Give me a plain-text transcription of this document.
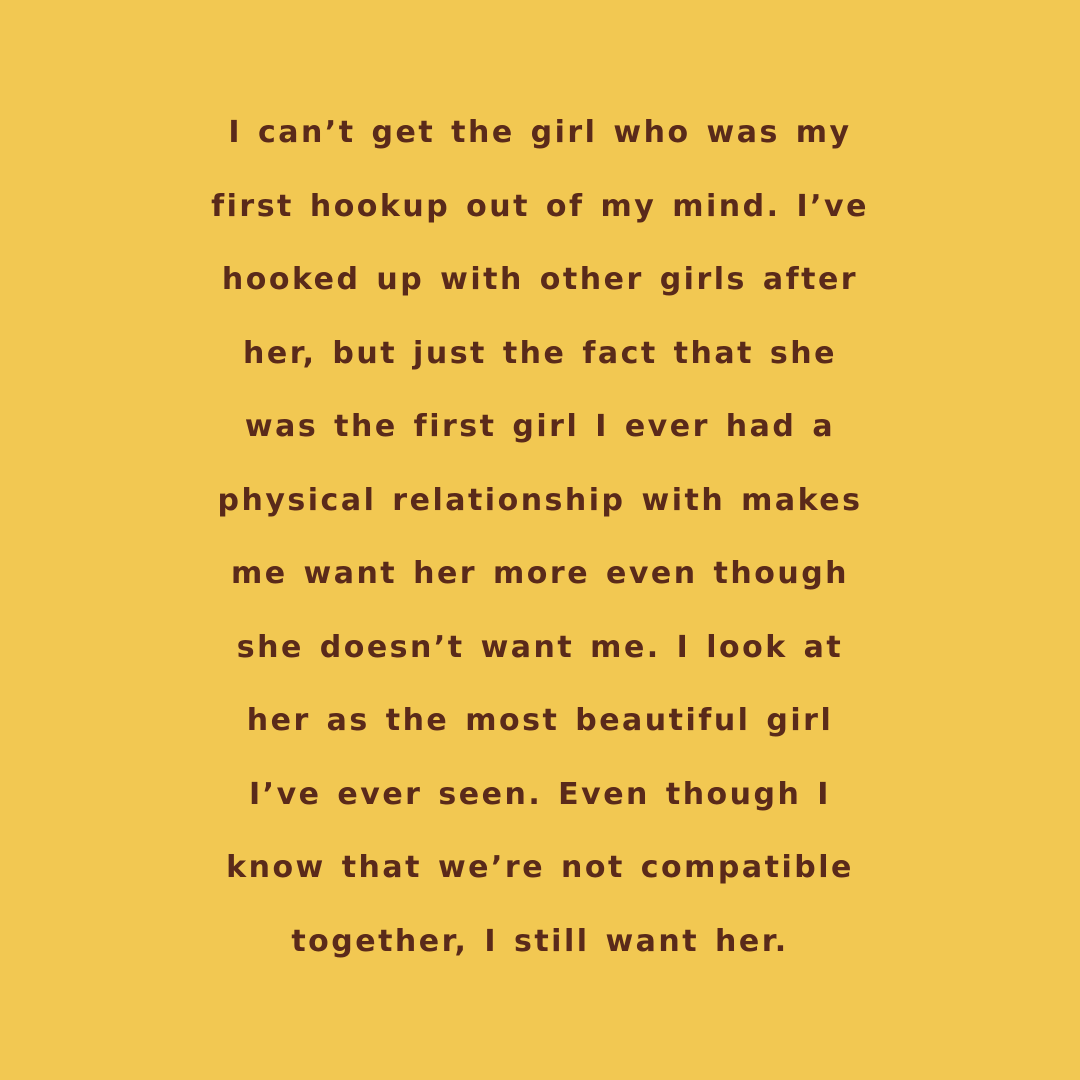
I can’t get the girl who was my
first hookup out of my mind. I’ve
hooked up with other girls after
her, but just the fact that she
was the first girl I ever had a
physical relationship with makes
me want her more even though
she doesn’t want me. I look at
her as the most beautiful girl
I’ve ever seen. Even though I
know that we’re not compatible
together, I still want her.
